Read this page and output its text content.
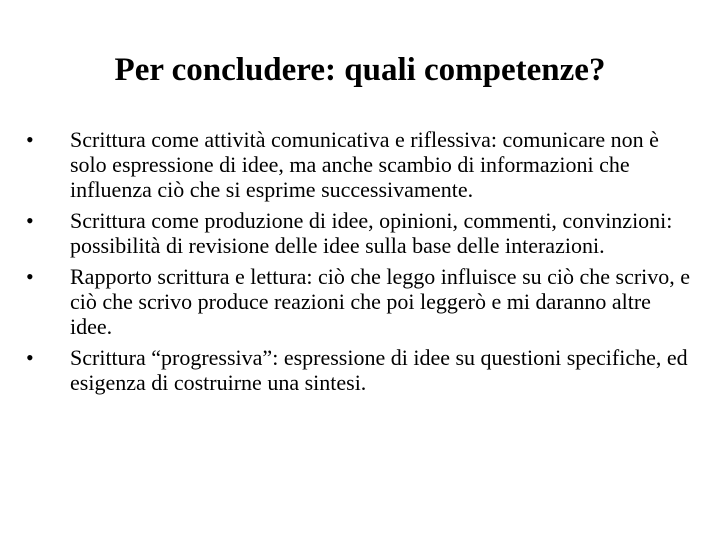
Per concludere: quali competenze?
•	Scrittura come attività comunicativa e riflessiva: comunicare non è solo espressione di idee, ma anche scambio di informazioni che influenza ciò che si esprime successivamente.
•	Scrittura come produzione di idee, opinioni, commenti, convinzioni: possibilità di revisione delle idee sulla base delle interazioni.
•	Rapporto scrittura e lettura: ciò che leggo influisce su ciò che scrivo, e ciò che scrivo produce reazioni che poi leggerò e mi daranno altre idee.
•	Scrittura “progressiva”: espressione di idee su questioni specifiche, ed esigenza di costruirne una sintesi.
